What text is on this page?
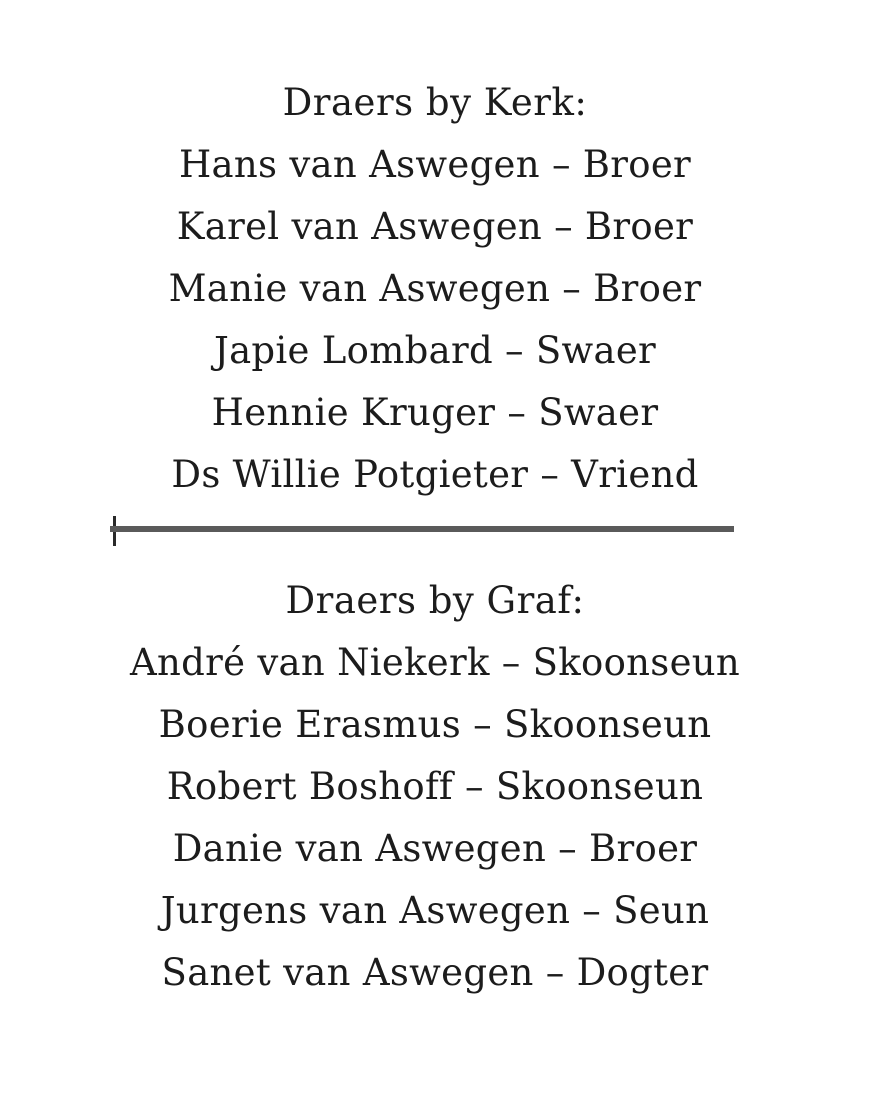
Draers by Kerk:
Hans van Aswegen – Broer
Karel van Aswegen – Broer
Manie van Aswegen – Broer
Japie Lombard – Swaer
Hennie Kruger – Swaer
Ds Willie Potgieter – Vriend
Draers by Graf:
André van Niekerk – Skoonseun
Boerie Erasmus – Skoonseun
Robert Boshoff – Skoonseun
Danie van Aswegen – Broer
Jurgens van Aswegen – Seun
Sanet van Aswegen – Dogter
